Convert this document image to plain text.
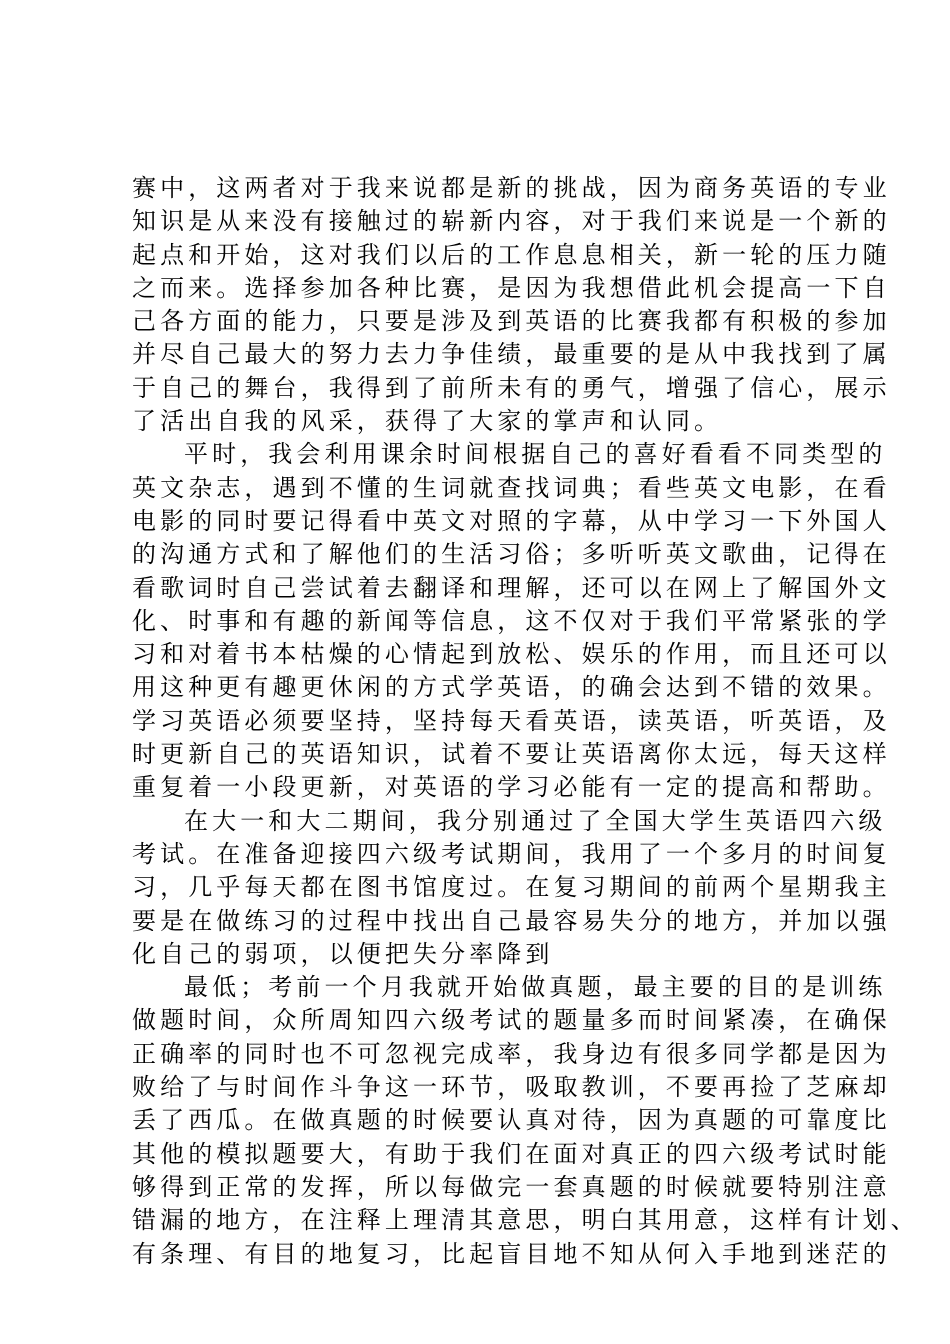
赛中，这两者对于我来说都是新的挑战，因为商务英语的专业
知识是从来没有接触过的崭新内容，对于我们来说是一个新的
起点和开始，这对我们以后的工作息息相关，新一轮的压力随
之而来。选择参加各种比赛，是因为我想借此机会提高一下自
己各方面的能力，只要是涉及到英语的比赛我都有积极的参加
并尽自己最大的努力去力争佳绩，最重要的是从中我找到了属
于自己的舞台，我得到了前所未有的勇气，增强了信心，展示
了活出自我的风采，获得了大家的掌声和认同。
平时，我会利用课余时间根据自己的喜好看看不同类型的
英文杂志，遇到不懂的生词就查找词典；看些英文电影，在看
电影的同时要记得看中英文对照的字幕，从中学习一下外国人
的沟通方式和了解他们的生活习俗；多听听英文歌曲，记得在
看歌词时自己尝试着去翻译和理解，还可以在网上了解国外文
化、时事和有趣的新闻等信息，这不仅对于我们平常紧张的学
习和对着书本枯燥的心情起到放松、娱乐的作用，而且还可以
用这种更有趣更休闲的方式学英语，的确会达到不错的效果。
学习英语必须要坚持，坚持每天看英语，读英语，听英语，及
时更新自己的英语知识，试着不要让英语离你太远，每天这样
重复着一小段更新，对英语的学习必能有一定的提高和帮助。
在大一和大二期间，我分别通过了全国大学生英语四六级
考试。在准备迎接四六级考试期间，我用了一个多月的时间复
习，几乎每天都在图书馆度过。在复习期间的前两个星期我主
要是在做练习的过程中找出自己最容易失分的地方，并加以强
化自己的弱项，以便把失分率降到
最低；考前一个月我就开始做真题，最主要的目的是训练
做题时间，众所周知四六级考试的题量多而时间紧凑，在确保
正确率的同时也不可忽视完成率，我身边有很多同学都是因为
败给了与时间作斗争这一环节，吸取教训，不要再捡了芝麻却
丢了西瓜。在做真题的时候要认真对待，因为真题的可靠度比
其他的模拟题要大，有助于我们在面对真正的四六级考试时能
够得到正常的发挥，所以每做完一套真题的时候就要特别注意
错漏的地方，在注释上理清其意思，明白其用意，这样有计划、
有条理、有目的地复习，比起盲目地不知从何入手地到迷茫的
